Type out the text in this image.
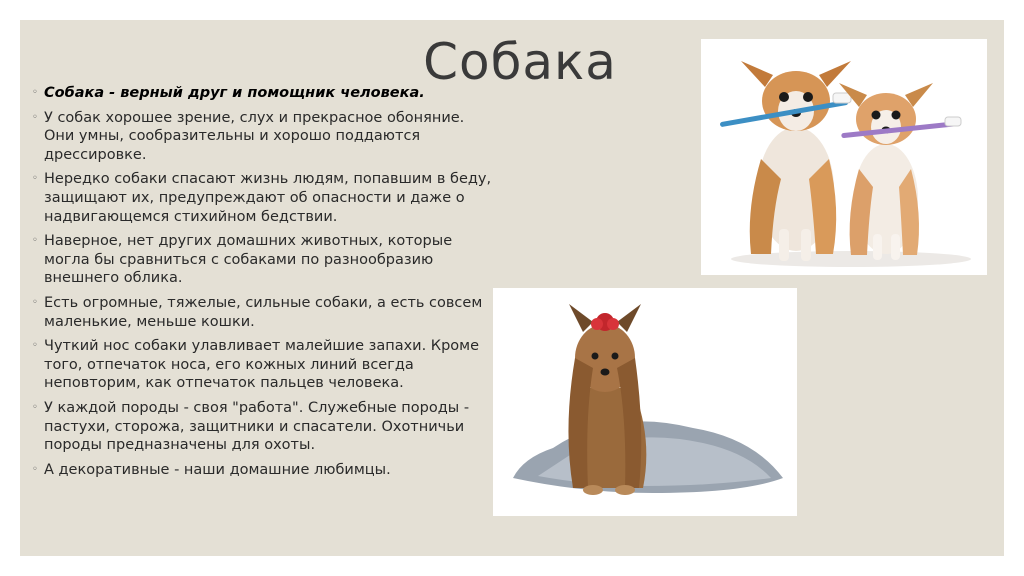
Собака
◦ Собака - верный друг и помощник человека.
◦ У собак хорошее зрение, слух и прекрасное обоняние. Они умны, сообразительны и хорошо поддаются дрессировке.
◦ Нередко собаки спасают жизнь людям, попавшим в беду, защищают их, предупреждают об опасности и даже о надвигающемся стихийном бедствии.
◦ Наверное, нет других домашних животных, которые могла бы сравниться с собаками по разнообразию внешнего облика.
◦ Есть огромные, тяжелые, сильные собаки, а есть совсем маленькие, меньше кошки.
◦ Чуткий нос собаки улавливает малейшие запахи. Кроме того, отпечаток носа, его кожных линий всегда неповторим, как отпечаток пальцев человека.
◦ У каждой породы - своя "работа". Служебные породы - пастухи, сторожа, защитники и спасатели. Охотничьи породы предназначены для охоты.
◦ А декоративные - наши домашние любимцы.
